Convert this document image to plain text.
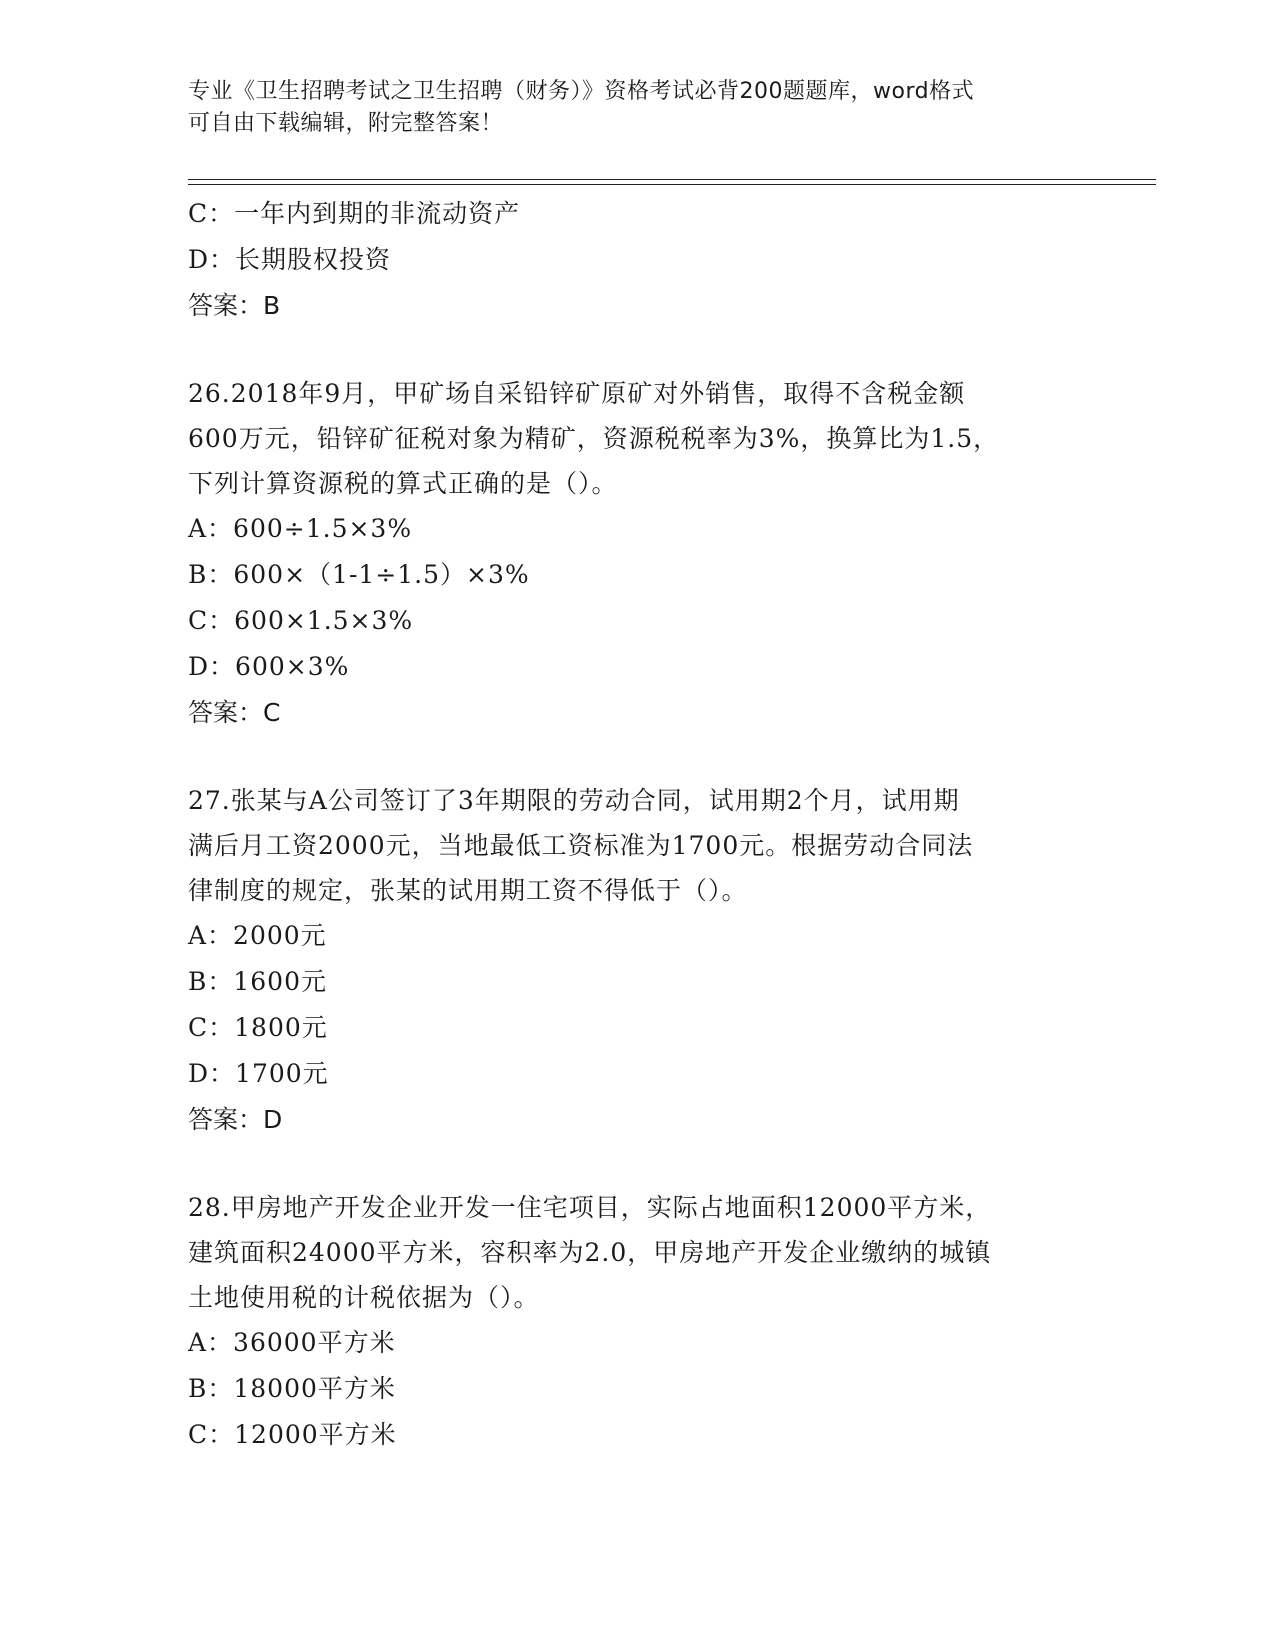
专业《卫生招聘考试之卫生招聘（财务）》资格考试必背200题题库，word格式
可自由下载编辑，附完整答案！
C：一年内到期的非流动资产
D：长期股权投资
答案：B
26.2018年9月，甲矿场自采铅锌矿原矿对外销售，取得不含税金额
600万元，铅锌矿征税对象为精矿，资源税税率为3%，换算比为1.5，
下列计算资源税的算式正确的是（）。
A：600÷1.5×3%
B：600×（1-1÷1.5）×3%
C：600×1.5×3%
D：600×3%
答案：C
27.张某与A公司签订了3年期限的劳动合同，试用期2个月，试用期
满后月工资2000元，当地最低工资标准为1700元。根据劳动合同法
律制度的规定，张某的试用期工资不得低于（）。
A：2000元
B：1600元
C：1800元
D：1700元
答案：D
28.甲房地产开发企业开发一住宅项目，实际占地面积12000平方米，
建筑面积24000平方米，容积率为2.0，甲房地产开发企业缴纳的城镇
土地使用税的计税依据为（）。
A：36000平方米
B：18000平方米
C：12000平方米
